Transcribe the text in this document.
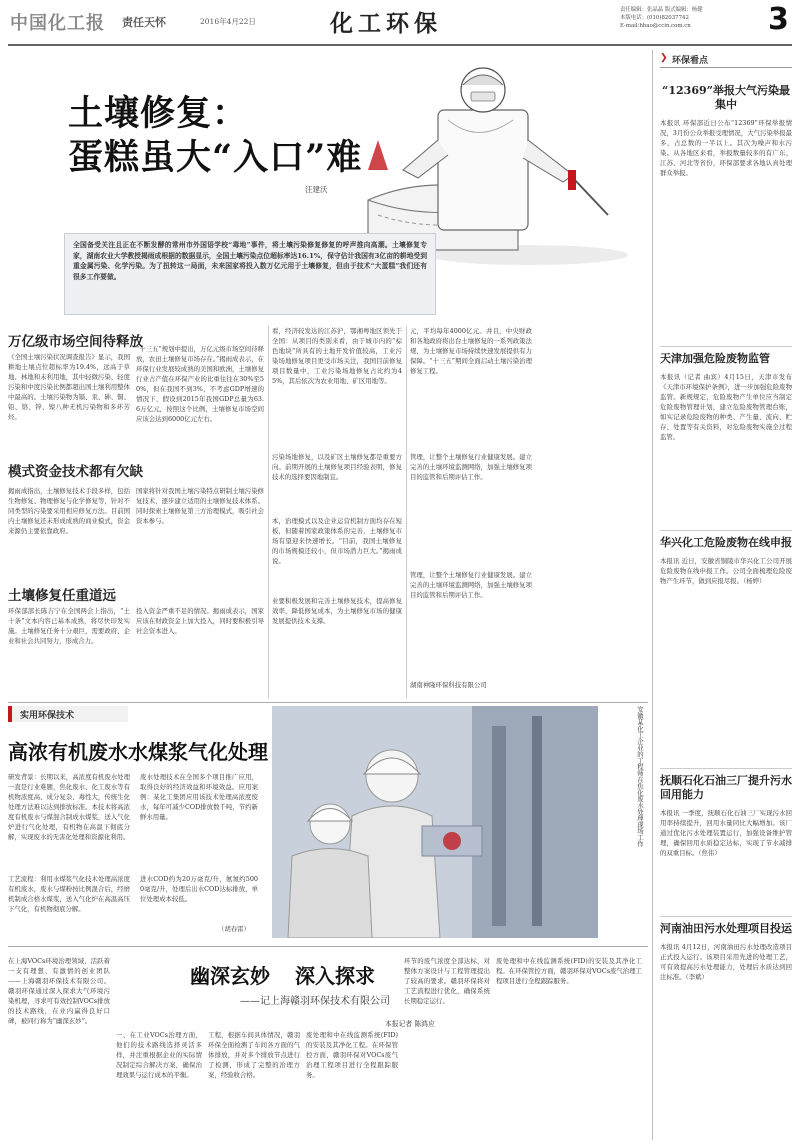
中国化工报 责任天怀	2016年4月22日	化工环保	责任编辑：张晶晶 版式编辑：杨健
本版电话：(010)82037742
E-mail:hbao@ccin.com.cn	3
土壤修复：
蛋糕虽大“入口”难
汪建沃
全国备受关注且正在不断发酵的常州市外国语学校“毒地”事件，将土壤污染修复修复的呼声推向高潮。土壤修复专家，湖南农业大学教授揭雨成根据的数据显示，全国土壤污染点位超标率达16.1%，保守估计我国有3亿亩的耕地受到重金属污染、化学污染。为了扭转这一局面，未来国家将投入数万亿元用于土壤修复，但由于技术“大蛋糕”我们还有很多工作要做。
万亿级市场空间待释放
《全国土壤污染状况调查报告》显示，我国耕地土壤点位超标率为19.4%，远高于草地、林地和未利用地，其中轻微污染、轻度污染和中度污染比例都超出国土壤利用整体中最高的。土壤污染物为镉、汞、砷、铜、铅、铬、锌、镍八种无机污染物和多环芳烃。
“十三五”规划中提出，万亿元级市场空间待释放，农田土壤修复市场存在。”揭雨成表示，在环保行业发展较成熟的美国和欧洲，土壤修复行业占产值在环保产业的比重往往在30%至50%，但在我国不到3%，不考虑GDP增速的情况下，假设到2015年我国GDP总量为63.6万亿元，按照这个比例，土壤修复市场空间应该会达到6000亿元左右。
看，经济较发达的江苏沪，鄂湘粤地区领先于全国：从项目的类别来看，由于城市内的“棕色地块”所具有的土地开发价值较高，工业污染场地修复项目更受市场关注，我国目前修复项目数量中，工业污染场地修复占比约为45%，其后依次为农业用地、矿区用地等。
元，平均每年4000亿元。并且，中央财政和各地政府将出台土壤修复的一系列政策法规，为土壤修复市场持续快速发展提供有力保障。“十三五”期间全面启动土壤污染治理修复工程。
模式资金技术都有欠缺
揭雨成指出，土壤修复技术手段多样，包括生物修复、物理修复与化学修复等，针对不同类型的污染要采用相应修复方法。目前国内土壤修复还未形成成熟的商业模式，资金来源仍主要依靠政府。
国家将针对我国土壤污染特点研制土壤污染修复技术，逐步建立适用的土壤修复技术体系。同时探索土壤修复第三方治理模式，吸引社会资本参与。
污染场地修复，以及矿区土壤修复都是重要方向。前期开展的土壤修复项目经验表明，修复技术的选择要因地制宜。
本，治理模式以及企业运营机制方面均存在短板，但随着国家政策体系的完善，土壤修复市场有望迎来快速增长。“目前，我国土壤修复的市场规模还较小，但市场潜力巨大。”揭雨成说。
管理，让整个土壤修复行业健康发展。建立完善的土壤环境监测网络，加强土壤修复项目的监管和后期评估工作。
土壤修复任重道远
环保部部长陈吉宁在全国两会上指出，“土十条”文本内容已基本成熟，将尽快印发实施。土壤修复任务十分艰巨，需要政府、企业和社会共同努力，形成合力。
投入资金严重不足的情况。揭雨成表示，国家应该在财政资金上加大投入，同时要积极引导社会资本进入。
业要积极发展和完善土壤修复技术，提高修复效率，降低修复成本，为土壤修复市场的健康发展提供技术支撑。
湖南神隆环保科技有限公司
管理，让整个土壤修复行业健康发展。建立完善的土壤环境监测网络，加强土壤修复项目的监管和后期评估工作。
实用环保技术
高浓有机废水水煤浆气化处理
研发背景：长期以来，高浓度有机废水处理一直是行业难题，焦化废水、化工废水等有机物浓度高、成分复杂、毒性大，传统生化处理方法难以达到排放标准。本技术将高浓度有机废水与煤混合制成水煤浆，送入气化炉进行气化处理，有机物在高温下彻底分解，实现废水的无害化处理和资源化利用。
工艺流程：利用水煤浆气化技术处理高浓度有机废水，废水与煤粉按比例混合后，经磨机制成合格水煤浆，送入气化炉在高温高压下气化，有机物彻底分解。
废水处理技术在全国多个项目推广应用，取得良好的经济效益和环境效益。应用案例：某化工集团应用该技术处理高浓度废水，每年可减少COD排放数千吨，节约新鲜水用量。
进水COD约为20万毫克/升，氨氮约5000毫克/升，处理后出水COD达标排放，单位处理成本较低。
（胡春雷）
安徽某化工企业的工程师在焦化废水处理现场工作
在上海VOCs环境治理领域，活跃着一支有理想、有激情的创业团队——上海赣羽环保技术有限公司。赣羽环保通过深入探求大气环境污染机理，寻求可有效控制VOCs排放的技术路线，在业内赢得良好口碑，被同行称为“幽深玄妙”。
幽深玄妙 深入探求
——记上海赣羽环保技术有限公司
本报记者 陈鸿应
一、在工业VOCs治理方面，他们的技术路线选择灵活多样，并注重根据企业的实际情况制定综合解决方案，确保治理效果与运行成本的平衡。
工程，根据车间具体情况，赣羽环保全面检测了车间各方面的气体排放，并对多个排放节点进行了检测，形成了完整的治理方案，经验收合格。
废处理和中在线监测系统(FID)的安装及其净化工程。在环保管控方面，赣羽环保对VOCs废气治理工程项目进行全程跟踪服务。
环节的废气浓度全部达标，对整体方案设计与工程管理提出了较高的要求。赣羽环保将对工艺流程进行优化，确保系统长期稳定运行。
废处理和中在线监测系统(FID)的安装及其净化工程。在环保管控方面，赣羽环保对VOCs废气治理工程项目进行全程跟踪服务。
❯ 环保看点
“12369”举报大气污染最集中
本报讯 环保部近日公布“12369”环保举报情况，3月份公众举报受理情况，大气污染举报最多，占总数的一半以上。其次为噪声和水污染。从各地区来看，举报数量较多的有广东、江苏、河北等省份，环保部要求各地认真处理群众举报。
天津加强危险废物监管
本报讯（记者 曲宾）4月15日，天津市发布《天津市环境保护条例》，进一步加强危险废物监管。新规规定，危险废物产生单位应当制定危险废物管理计划，建立危险废物管理台账，如实记录危险废物的种类、产生量、流向、贮存、处置等有关资料，对危险废物实施全过程监管。
华兴化工危险废物在线申报
本报讯 近日，安徽省铜陵市华兴化工公司开展危险废物在线申报工作。公司全面梳理危险废物产生环节，做到应报尽报。（杨婷）
抚顺石化石油三厂提升污水回用能力
本报讯 一季度，抚顺石化石油三厂实现污水回用率持续提升，回用水量同比大幅增加。该厂通过优化污水处理装置运行，加强设备维护管理，确保回用水质稳定达标，实现了节水减排的双重目标。（焦伟）
河南油田污水处理项目投运
本报讯 4月12日，河南油田污水处理改造项目正式投入运行。该项目采用先进的处理工艺，可有效提高污水处理能力，处理后水质达到回注标准。（李斌）
